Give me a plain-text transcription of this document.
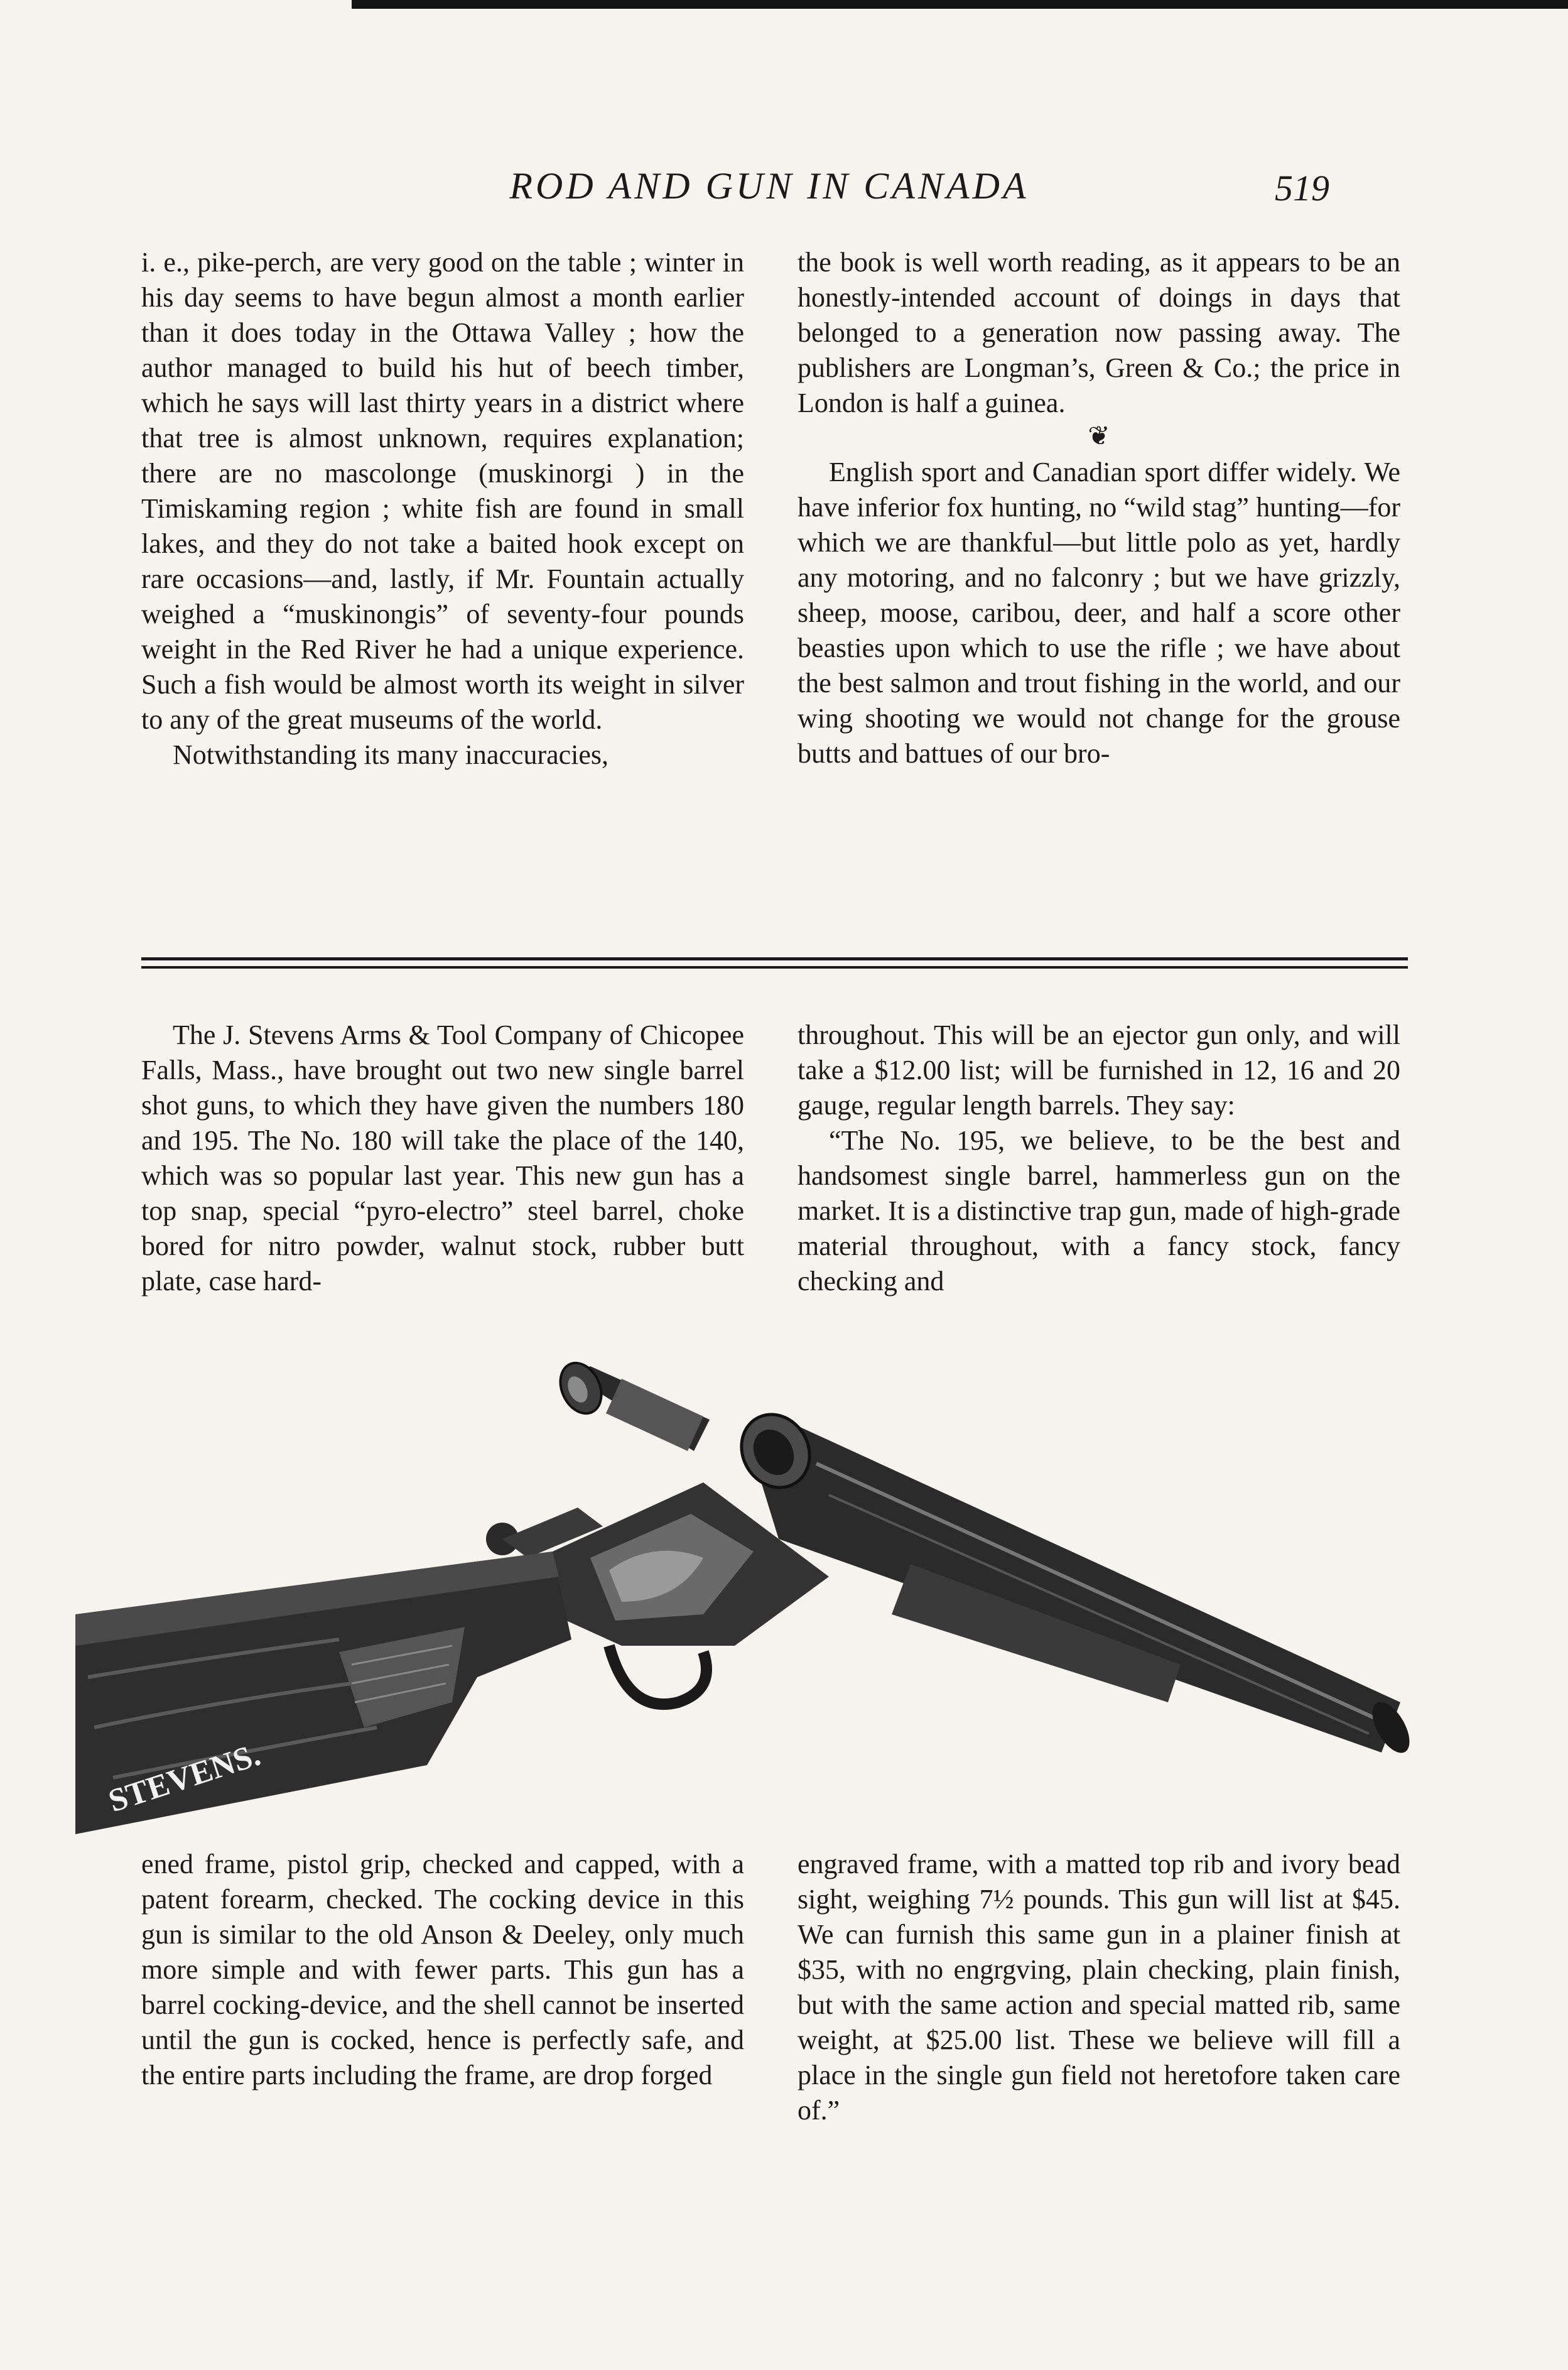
ROD AND GUN IN CANADA	519

i. e., pike-perch, are very good on the table ; winter in his day seems to have begun almost a month earlier than it does today in the Ottawa Valley ; how the author managed to build his hut of beech timber, which he says will last thirty years in a district where that tree is almost unknown, requires explanation; there are no mascolonge (muskinorgi ) in the Timiskaming region ; white fish are found in small lakes, and they do not take a baited hook except on rare occasions—and, lastly, if Mr. Fountain actually weighed a “muskinongis” of seventy-four pounds weight in the Red River he had a unique experience. Such a fish would be almost worth its weight in silver to any of the great museums of the world.

Notwithstanding its many inaccuracies,

the book is well worth reading, as it appears to be an honestly-intended account of doings in days that belonged to a generation now passing away. The publishers are Longman’s, Green & Co.; the price in London is half a guinea.

❦

English sport and Canadian sport differ widely. We have inferior fox hunting, no “wild stag” hunting—for which we are thankful—but little polo as yet, hardly any motoring, and no falconry ; but we have grizzly, sheep, moose, caribou, deer, and half a score other beasties upon which to use the rifle ; we have about the best salmon and trout fishing in the world, and our wing shooting we would not change for the grouse butts and battues of our bro-

The J. Stevens Arms & Tool Company of Chicopee Falls, Mass., have brought out two new single barrel shot guns, to which they have given the numbers 180 and 195. The No. 180 will take the place of the 140, which was so popular last year. This new gun has a top snap, special “pyro-electro” steel barrel, choke bored for nitro powder, walnut stock, rubber butt plate, case hard-

throughout. This will be an ejector gun only, and will take a $12.00 list; will be furnished in 12, 16 and 20 gauge, regular length barrels. They say:

“The No. 195, we believe, to be the best and handsomest single barrel, hammerless gun on the market. It is a distinctive trap gun, made of high-grade material throughout, with a fancy stock, fancy checking and

STEVENS.

ened frame, pistol grip, checked and capped, with a patent forearm, checked. The cocking device in this gun is similar to the old Anson & Deeley, only much more simple and with fewer parts. This gun has a barrel cocking-device, and the shell cannot be inserted until the gun is cocked, hence is perfectly safe, and the entire parts including the frame, are drop forged

engraved frame, with a matted top rib and ivory bead sight, weighing 7½ pounds. This gun will list at $45. We can furnish this same gun in a plainer finish at $35, with no engrgving, plain checking, plain finish, but with the same action and special matted rib, same weight, at $25.00 list. These we believe will fill a place in the single gun field not heretofore taken care of.”
